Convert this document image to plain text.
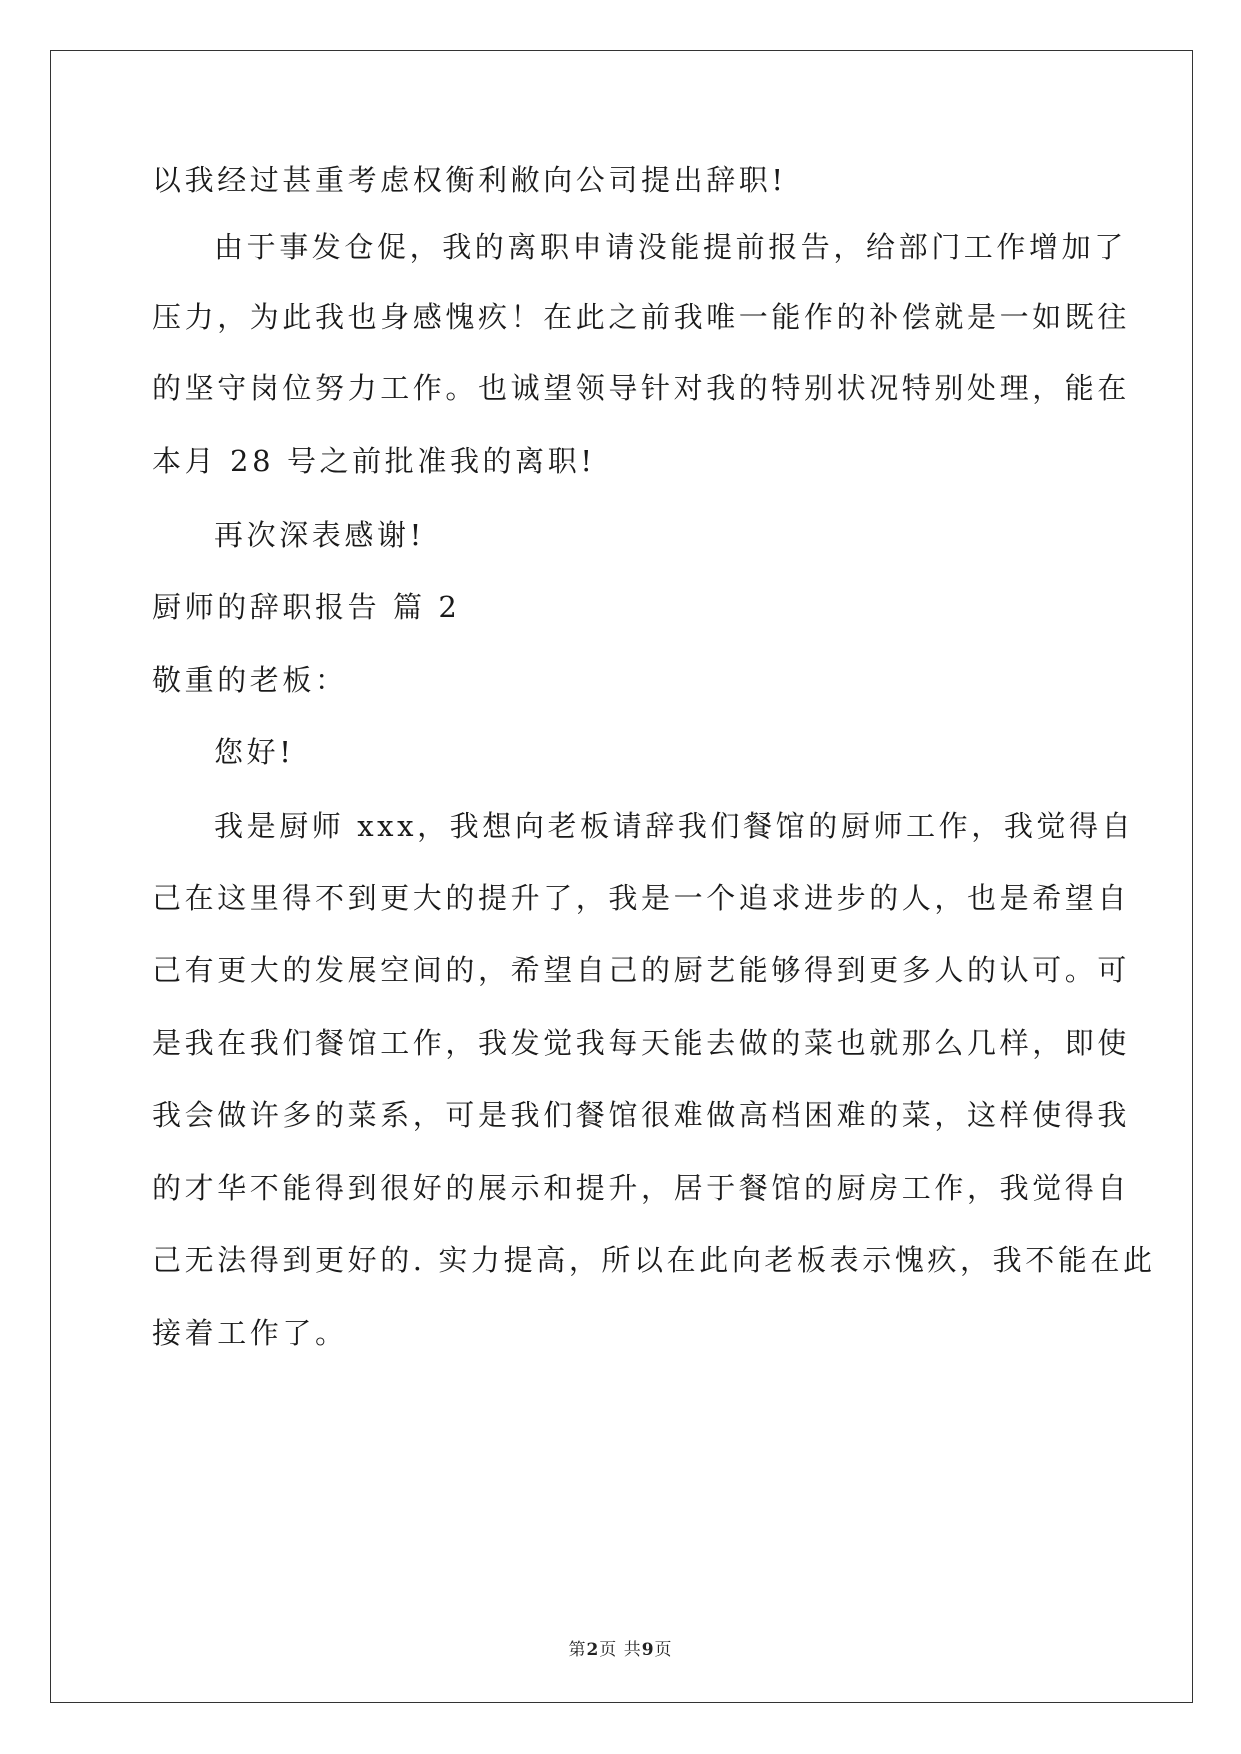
以我经过甚重考虑权衡利敝向公司提出辞职!
由于事发仓促，我的离职申请没能提前报告，给部门工作增加了
压力，为此我也身感愧疚！在此之前我唯一能作的补偿就是一如既往
的坚守岗位努力工作。也诚望领导针对我的特别状况特别处理，能在
本月 28 号之前批准我的离职!
再次深表感谢!
厨师的辞职报告 篇 2
敬重的老板：
您好!
我是厨师 xxx，我想向老板请辞我们餐馆的厨师工作，我觉得自
己在这里得不到更大的提升了，我是一个追求进步的人，也是希望自
己有更大的发展空间的，希望自己的厨艺能够得到更多人的认可。可
是我在我们餐馆工作，我发觉我每天能去做的菜也就那么几样，即使
我会做许多的菜系，可是我们餐馆很难做高档困难的菜，这样使得我
的才华不能得到很好的展示和提升，居于餐馆的厨房工作，我觉得自
己无法得到更好的. 实力提高，所以在此向老板表示愧疚，我不能在此
接着工作了。
第2页 共9页
